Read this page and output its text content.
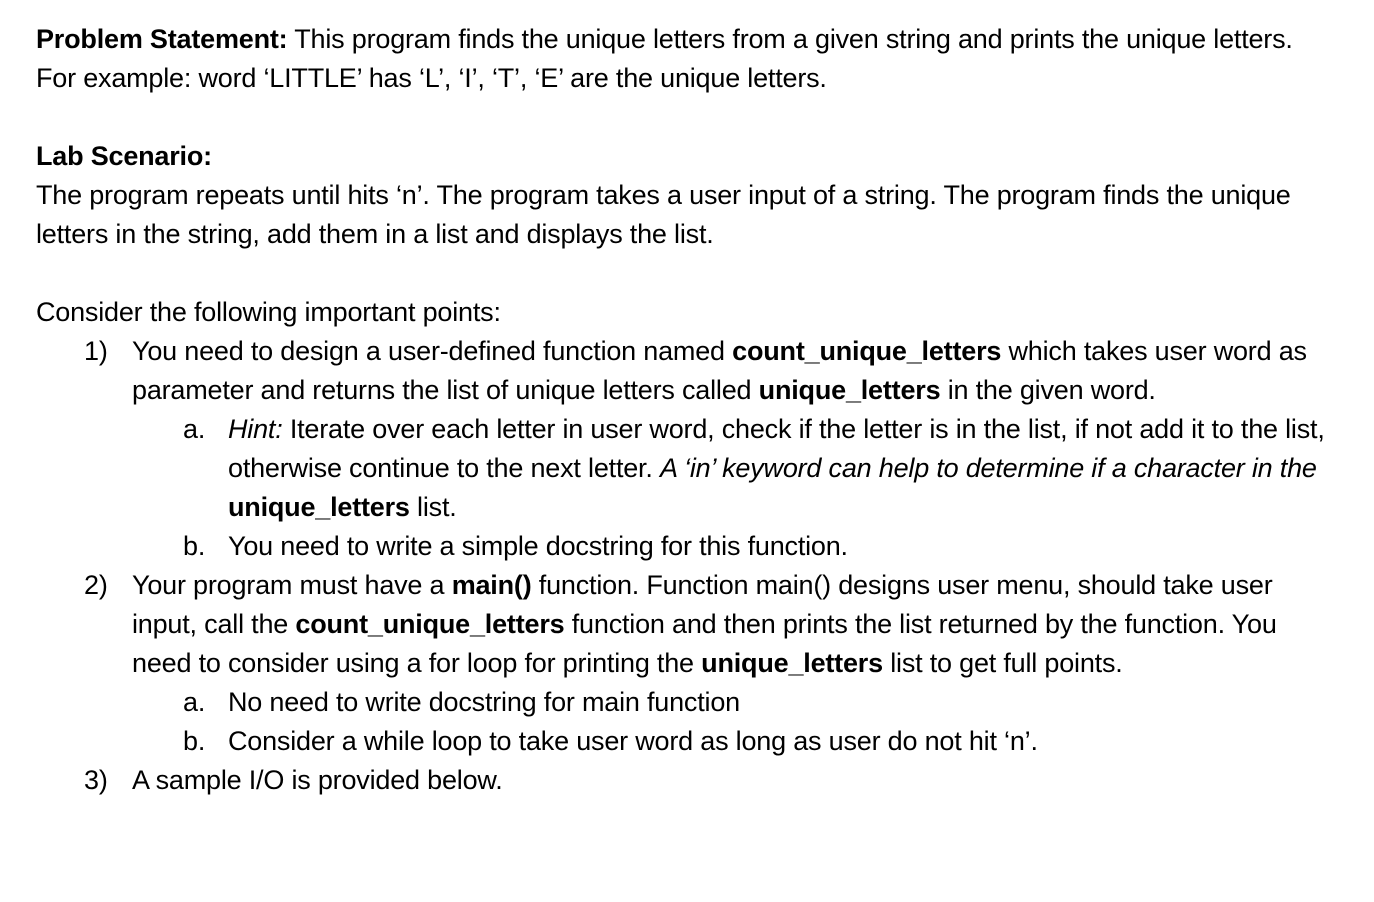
Problem Statement: This program finds the unique letters from a given string and prints the unique letters. For example: word ‘LITTLE’ has ‘L’, ‘I’, ‘T’, ‘E’ are the unique letters.

Lab Scenario:

The program repeats until hits ‘n’. The program takes a user input of a string. The program finds the unique letters in the string, add them in a list and displays the list.

Consider the following important points:

1) You need to design a user-defined function named count_unique_letters which takes user word as parameter and returns the list of unique letters called unique_letters in the given word.

a. Hint: Iterate over each letter in user word, check if the letter is in the list, if not add it to the list, otherwise continue to the next letter. A ‘in’ keyword can help to determine if a character in the unique_letters list.

b. You need to write a simple docstring for this function.

2) Your program must have a main() function. Function main() designs user menu, should take user input, call the count_unique_letters function and then prints the list returned by the function. You need to consider using a for loop for printing the unique_letters list to get full points.

a. No need to write docstring for main function

b. Consider a while loop to take user word as long as user do not hit ‘n’.

3) A sample I/O is provided below.
